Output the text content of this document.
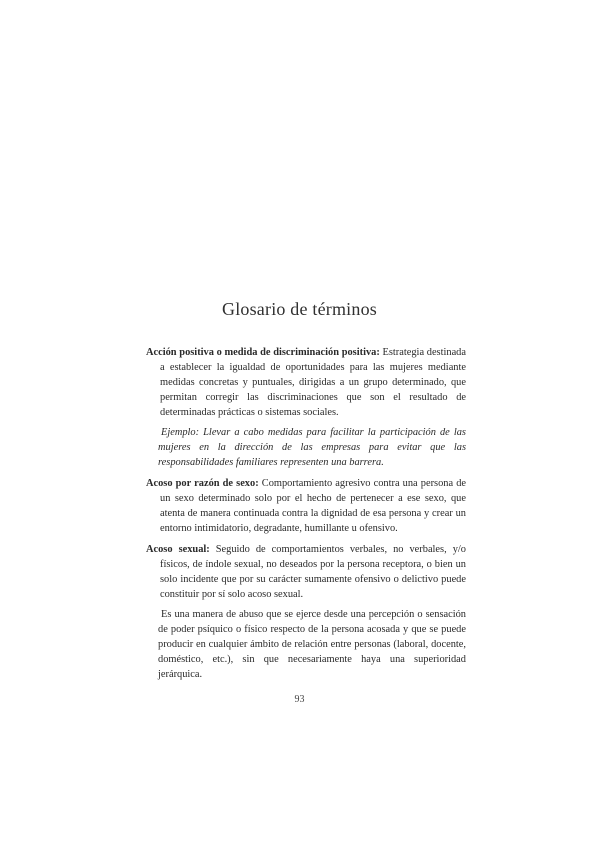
Glosario de términos
Acción positiva o medida de discriminación positiva: Estrategia destinada a establecer la igualdad de oportunidades para las mujeres mediante medidas concretas y puntuales, dirigidas a un grupo determinado, que permitan corregir las discriminaciones que son el resultado de determinadas prácticas o sistemas sociales.
Ejemplo: Llevar a cabo medidas para facilitar la participación de las mujeres en la dirección de las empresas para evitar que las responsabilidades familiares representen una barrera.
Acoso por razón de sexo: Comportamiento agresivo contra una persona de un sexo determinado solo por el hecho de pertenecer a ese sexo, que atenta de manera continuada contra la dignidad de esa persona y crear un entorno intimidatorio, degradante, humillante u ofensivo.
Acoso sexual: Seguido de comportamientos verbales, no verbales, y/o físicos, de índole sexual, no deseados por la persona receptora, o bien un solo incidente que por su carácter sumamente ofensivo o delictivo puede constituir por sí solo acoso sexual.
Es una manera de abuso que se ejerce desde una percepción o sensación de poder psíquico o físico respecto de la persona acosada y que se puede producir en cualquier ámbito de relación entre personas (laboral, docente, doméstico, etc.), sin que necesariamente haya una superioridad jerárquica.
93
